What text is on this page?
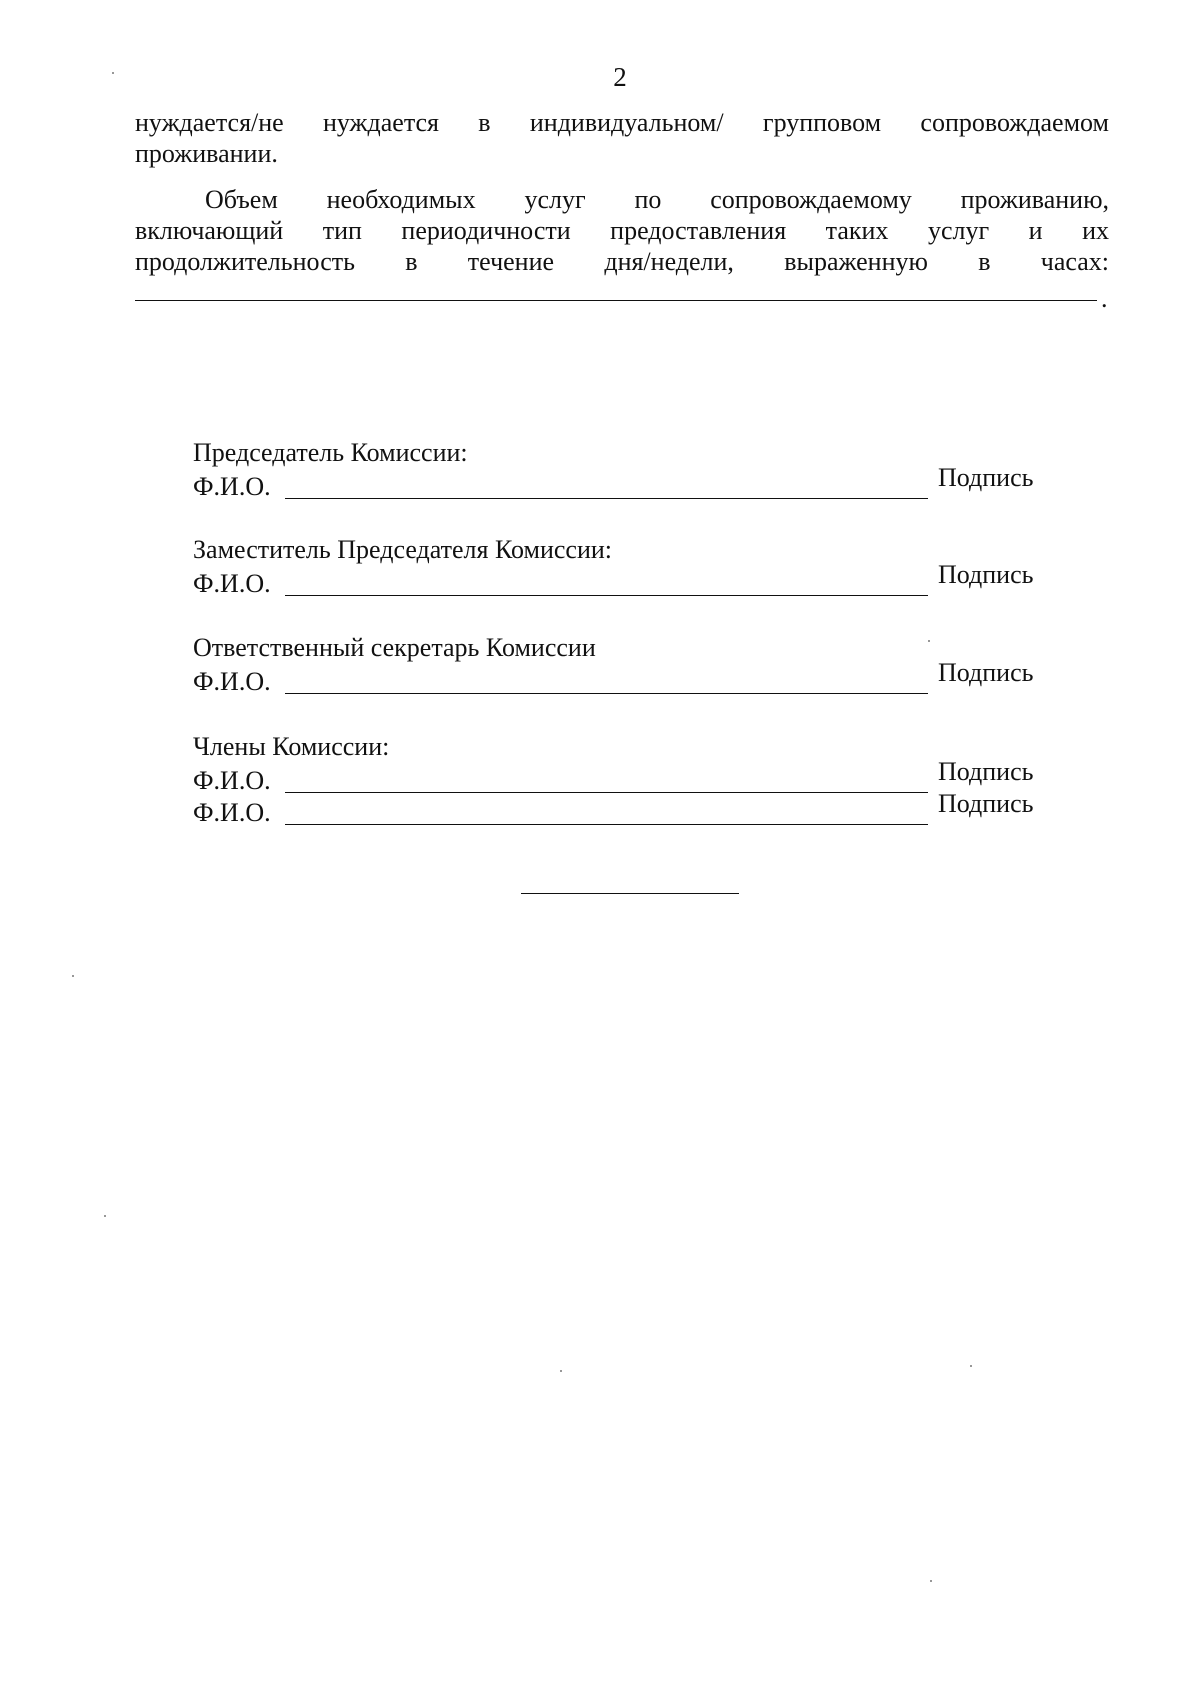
2
нуждается/не нуждается в индивидуальном/ групповом сопровождаемом
проживании.
Объем необходимых услуг по сопровождаемому проживанию,
включающий тип периодичности предоставления таких услуг и их
продолжительность в течение дня/недели, выраженную в часах:
.
Председатель Комиссии:
Ф.И.О.	Подпись
Заместитель Председателя Комиссии:
Ф.И.О.	Подпись
Ответственный секретарь Комиссии
Ф.И.О.	Подпись
Члены Комиссии:
Ф.И.О.	Подпись
Ф.И.О.	Подпись
